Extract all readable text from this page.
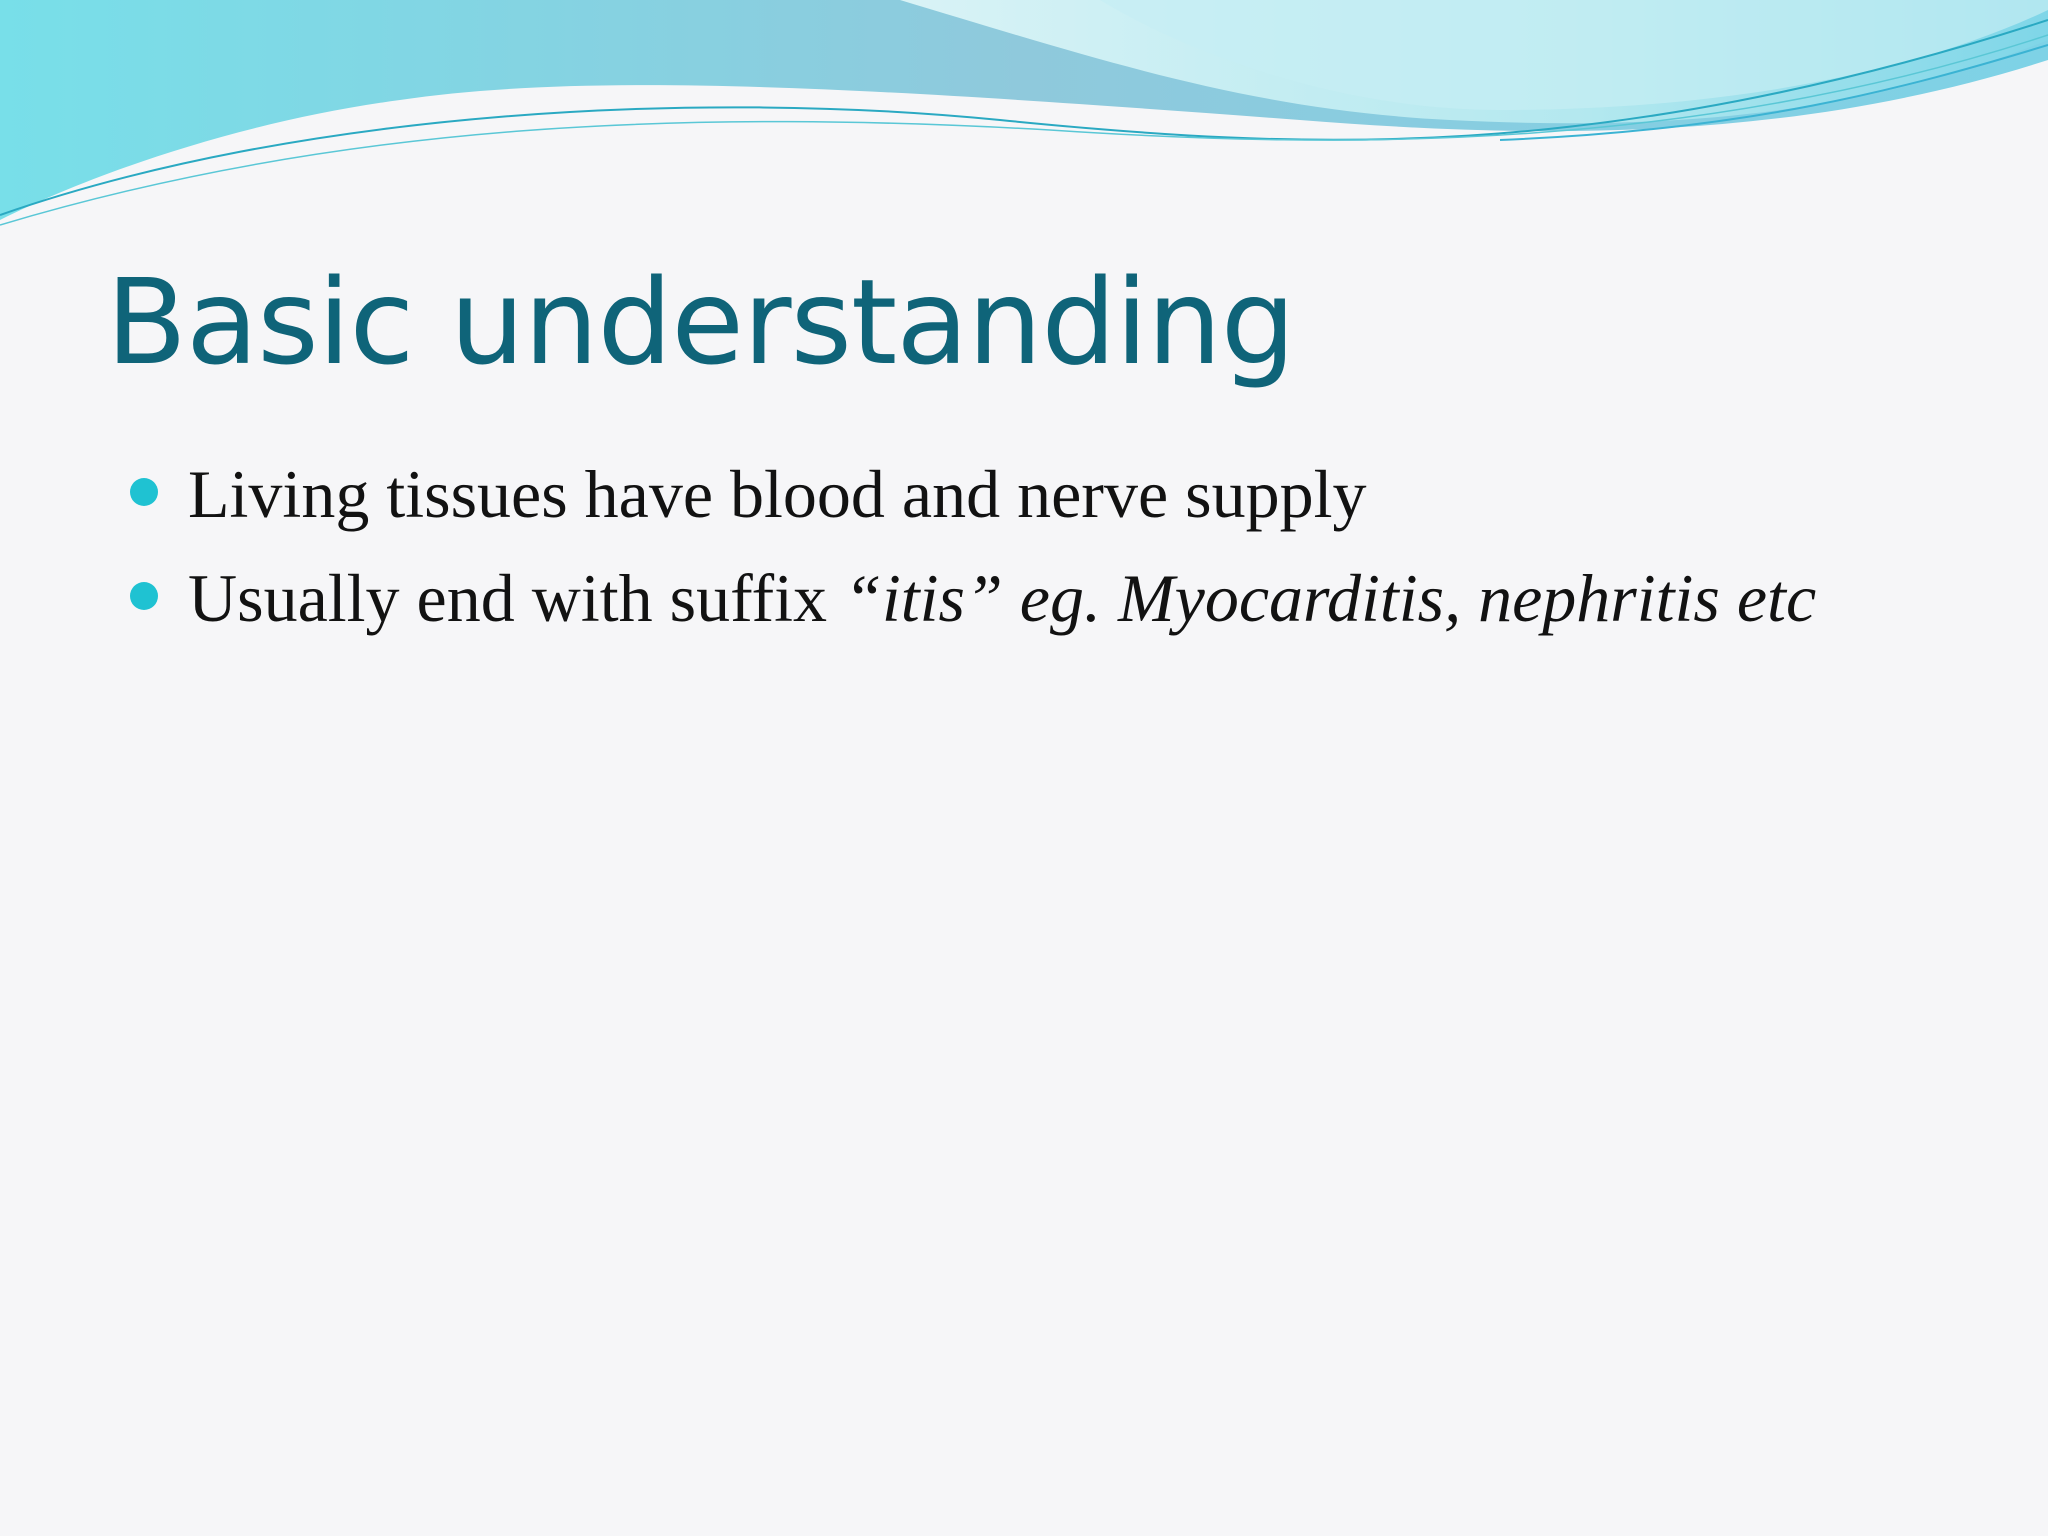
Basic understanding
Living tissues have blood and nerve supply
Usually end with suffix “itis” eg. Myocarditis, nephritis etc
